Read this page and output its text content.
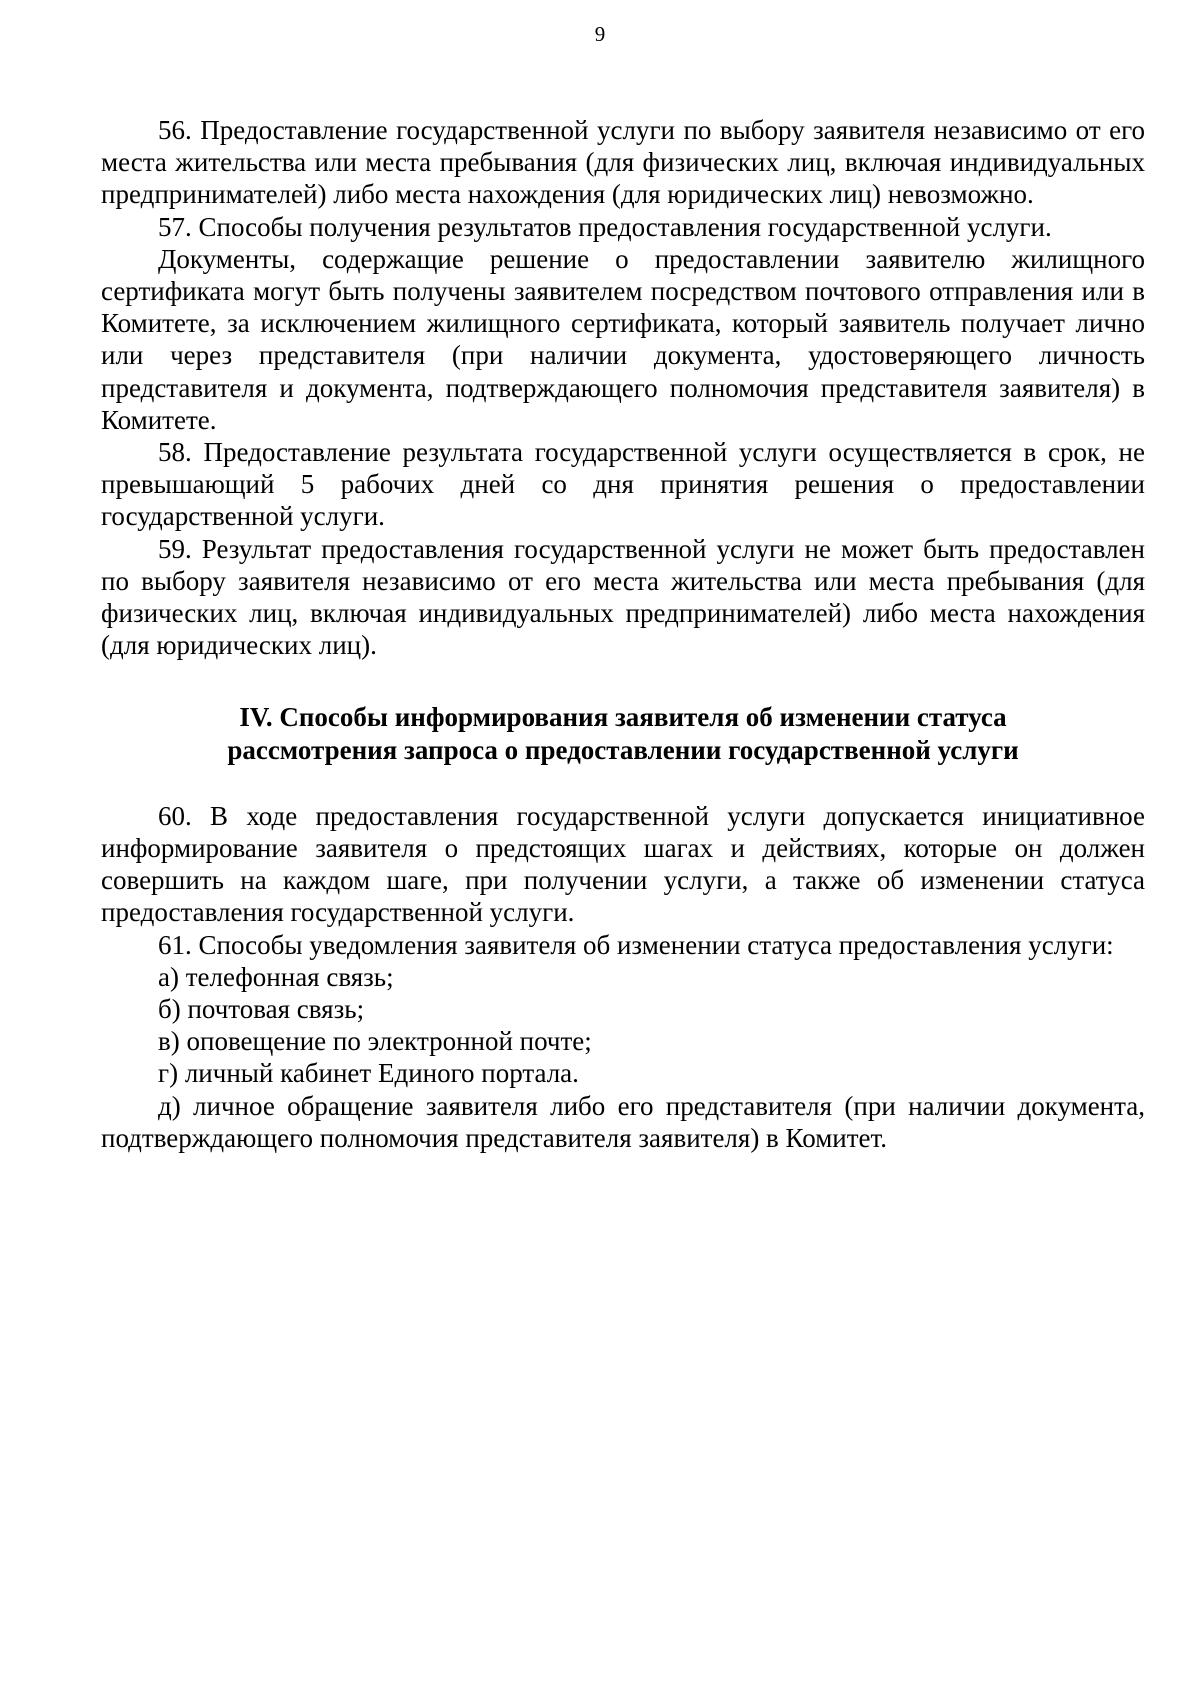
9

56. Предоставление государственной услуги по выбору заявителя независимо от его места жительства или места пребывания (для физических лиц, включая индивидуальных предпринимателей) либо места нахождения (для юридических лиц) невозможно.

57. Способы получения результатов предоставления государственной услуги.

Документы, содержащие решение о предоставлении заявителю жилищного сертификата могут быть получены заявителем посредством почтового отправления или в Комитете, за исключением жилищного сертификата, который заявитель получает лично или через представителя (при наличии документа, удостоверяющего личность представителя и документа, подтверждающего полномочия представителя заявителя) в Комитете.

58. Предоставление результата государственной услуги осуществляется в срок, не превышающий 5 рабочих дней со дня принятия решения о предоставлении государственной услуги.

59. Результат предоставления государственной услуги не может быть предоставлен по выбору заявителя независимо от его места жительства или места пребывания (для физических лиц, включая индивидуальных предпринимателей) либо места нахождения (для юридических лиц).

IV. Способы информирования заявителя об изменении статуса
рассмотрения запроса о предоставлении государственной услуги

60. В ходе предоставления государственной услуги допускается инициативное информирование заявителя о предстоящих шагах и действиях, которые он должен совершить на каждом шаге, при получении услуги, а также об изменении статуса предоставления государственной услуги.

61. Способы уведомления заявителя об изменении статуса предоставления услуги:

а) телефонная связь;

б) почтовая связь;

в) оповещение по электронной почте;

г) личный кабинет Единого портала.

д) личное обращение заявителя либо его представителя (при наличии документа, подтверждающего полномочия представителя заявителя) в Комитет.
